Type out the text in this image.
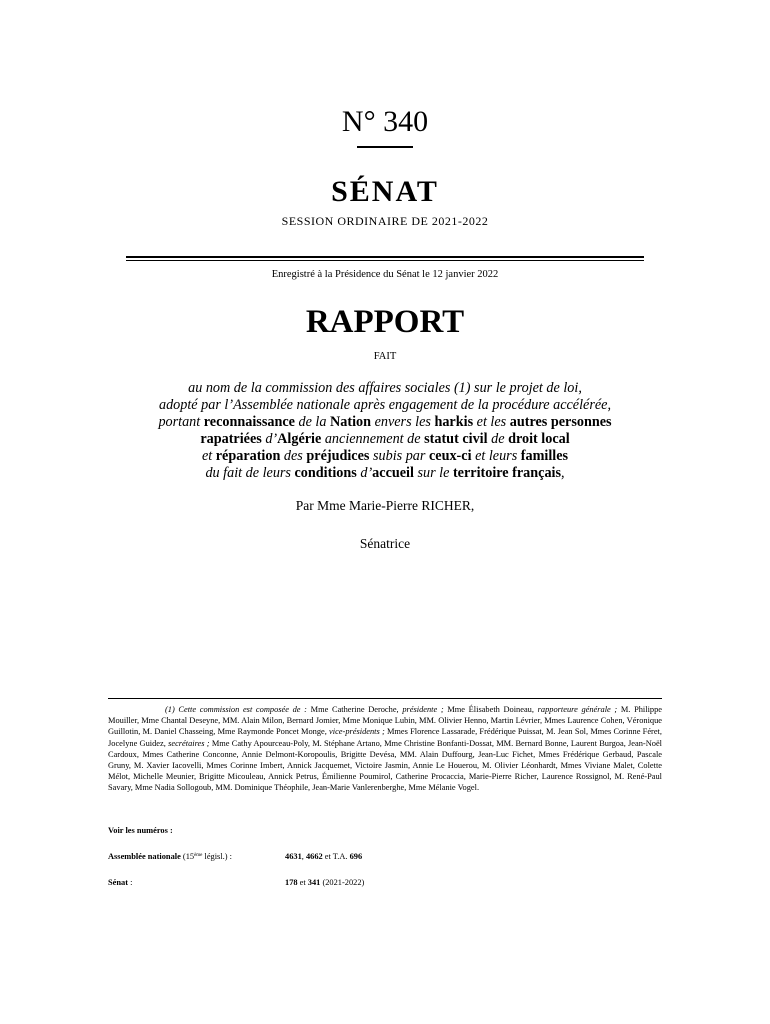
N° 340
SÉNAT
SESSION ORDINAIRE DE 2021-2022
Enregistré à la Présidence du Sénat le 12 janvier 2022
RAPPORT
FAIT
au nom de la commission des affaires sociales (1) sur le projet de loi,
adopté par l’Assemblée nationale après engagement de la procédure accélérée,
portant reconnaissance de la Nation envers les harkis et les autres personnes
rapatriées d’Algérie anciennement de statut civil de droit local
et réparation des préjudices subis par ceux-ci et leurs familles
du fait de leurs conditions d’accueil sur le territoire français,
Par Mme Marie-Pierre RICHER,
Sénatrice
(1) Cette commission est composée de : Mme Catherine Deroche, présidente ; Mme Élisabeth Doineau, rapporteure générale ; M. Philippe Mouiller, Mme Chantal Deseyne, MM. Alain Milon, Bernard Jomier, Mme Monique Lubin, MM. Olivier Henno, Martin Lévrier, Mmes Laurence Cohen, Véronique Guillotin, M. Daniel Chasseing, Mme Raymonde Poncet Monge, vice-présidents ; Mmes Florence Lassarade, Frédérique Puissat, M. Jean Sol, Mmes Corinne Féret, Jocelyne Guidez, secrétaires ; Mme Cathy Apourceau-Poly, M. Stéphane Artano, Mme Christine Bonfanti-Dossat, MM. Bernard Bonne, Laurent Burgoa, Jean-Noël Cardoux, Mmes Catherine Conconne, Annie Delmont-Koropoulis, Brigitte Devésa, MM. Alain Duffourg, Jean-Luc Fichet, Mmes Frédérique Gerbaud, Pascale Gruny, M. Xavier Iacovelli, Mmes Corinne Imbert, Annick Jacquemet, Victoire Jasmin, Annie Le Houerou, M. Olivier Léonhardt, Mmes Viviane Malet, Colette Mélot, Michelle Meunier, Brigitte Micouleau, Annick Petrus, Émilienne Poumirol, Catherine Procaccia, Marie-Pierre Richer, Laurence Rossignol, M. René-Paul Savary, Mme Nadia Sollogoub, MM. Dominique Théophile, Jean-Marie Vanlerenberghe, Mme Mélanie Vogel.
Voir les numéros :
Assemblée nationale (15ème législ.) :	4631, 4662 et T.A. 696
Sénat :	178 et 341 (2021-2022)
